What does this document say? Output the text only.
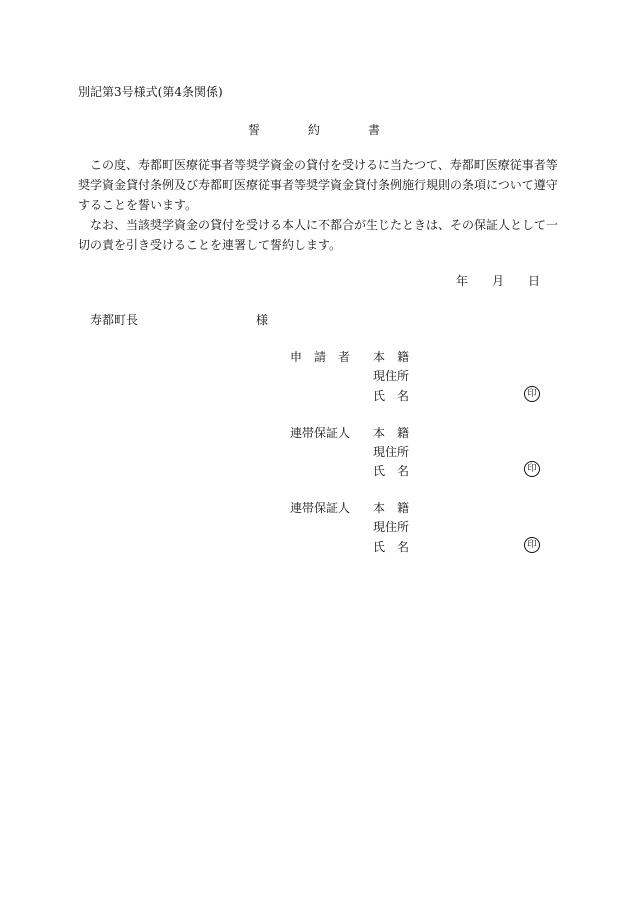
別記第3号様式(第4条関係)
誓	約	書
　この度、寿都町医療従事者等奨学資金の貸付を受けるに当たつて、寿都町医療従事者等奨学資金貸付条例及び寿都町医療従事者等奨学資金貸付条例施行規則の条項について遵守することを誓います。
　なお、当該奨学資金の貸付を受ける本人に不都合が生じたときは、その保証人として一切の責を引き受けることを連署して誓約します。
年 月 日
寿都町長	様
申　請　者 本　籍
現住所
氏　名	印
連帯保証人 本　籍
現住所
氏　名	印
連帯保証人 本　籍
現住所
氏　名	印
